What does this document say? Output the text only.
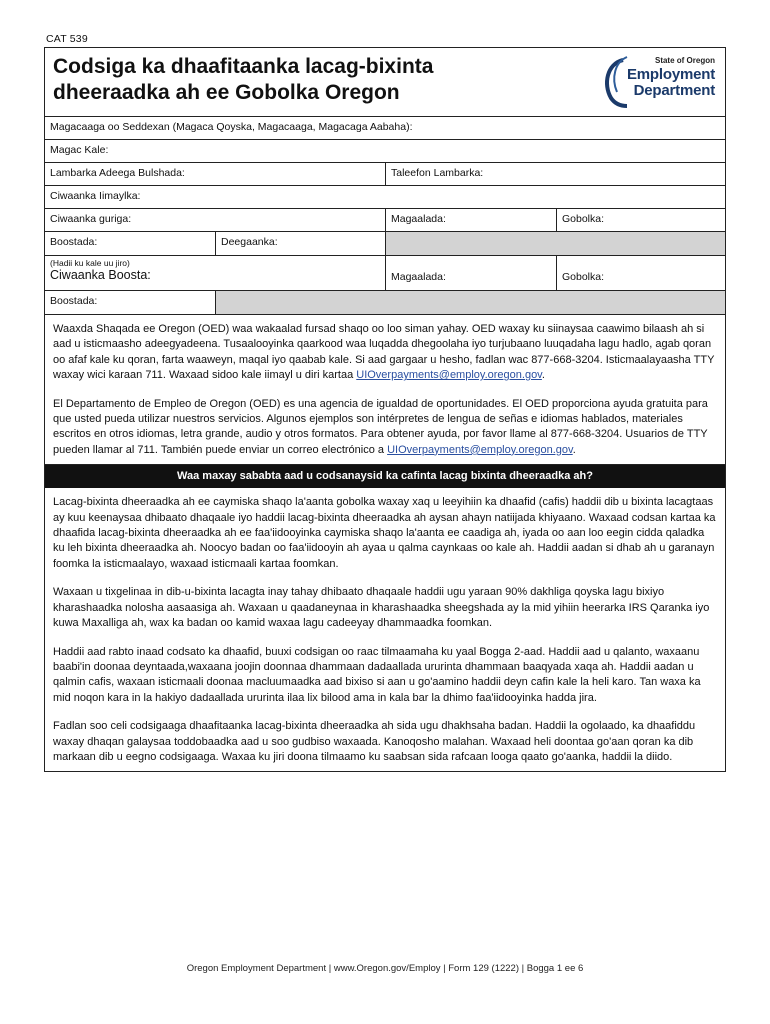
CAT 539
Codsiga ka dhaafitaanka lacag-bixinta
dheeraadka ah ee Gobolka Oregon
State of Oregon
Employment
Department
Magacaaga oo Seddexan (Magaca Qoyska, Magacaaga, Magacaga Aabaha):
Magac Kale:
Lambarka Adeega Bulshada:	Taleefon Lambarka:
Ciwaanka Iimaylka:
Ciwaanka guriga:	Magaalada:	Gobolka:
Boostada:	Deegaanka:
(Hadii ku kale uu jiro)
Ciwaanka Boosta:	Magaalada:	Gobolka:
Boostada:

Waaxda Shaqada ee Oregon (OED) waa wakaalad fursad shaqo oo loo siman yahay. OED waxay ku siinaysaa caawimo bilaash ah si aad u isticmaasho adeegyadeena. Tusaalooyinka qaarkood waa luqadda dhegoolaha iyo turjubaano luuqadaha lagu hadlo, agab qoran oo afaf kale ku qoran, farta waaweyn, maqal iyo qaabab kale. Si aad gargaar u hesho, fadlan wac 877-668-3204. Isticmaalayaasha TTY waxay wici karaan 711. Waxaad sidoo kale iimayl u diri kartaa UIOverpayments@employ.oregon.gov.

El Departamento de Empleo de Oregon (OED) es una agencia de igualdad de oportunidades. El OED proporciona ayuda gratuita para que usted pueda utilizar nuestros servicios. Algunos ejemplos son intérpretes de lengua de señas e idiomas hablados, materiales escritos en otros idiomas, letra grande, audio y otros formatos. Para obtener ayuda, por favor llame al 877-668-3204. Usuarios de TTY pueden llamar al 711. También puede enviar un correo electrónico a UIOverpayments@employ.oregon.gov.

Waa maxay sababta aad u codsanaysid ka cafinta lacag bixinta dheeraadka ah?

Lacag-bixinta dheeraadka ah ee caymiska shaqo la'aanta gobolka waxay xaq u leeyihiin ka dhaafid (cafis) haddii dib u bixinta lacagtaas ay kuu keenaysaa dhibaato dhaqaale iyo haddii lacag-bixinta dheeraadka ah aysan ahayn natiijada khiyaano. Waxaad codsan kartaa ka dhaafida lacag-bixinta dheeraadka ah ee faa'iidooyinka caymiska shaqo la'aanta ee caadiga ah, iyada oo aan loo eegin cidda qaladka ku leh bixinta dheeraadka ah. Noocyo badan oo faa'iidooyin ah ayaa u qalma caynkaas oo kale ah. Haddii aadan si dhab ah u garanayn foomka la isticmaalayo, waxaad isticmaali kartaa foomkan.

Waxaan u tixgelinaa in dib-u-bixinta lacagta inay tahay dhibaato dhaqaale haddii ugu yaraan 90% dakhliga qoyska lagu bixiyo kharashaadka nolosha aasaasiga ah. Waxaan u qaadaneynaa in kharashaadka sheegshada ay la mid yihiin heerarka IRS Qaranka iyo kuwa Maxalliga ah, wax ka badan oo kamid waxaa lagu cadeeyay dhammaadka foomkan.

Haddii aad rabto inaad codsato ka dhaafid, buuxi codsigan oo raac tilmaamaha ku yaal Bogga 2-aad. Haddii aad u qalanto, waxaanu baabi'in doonaa deyntaada,waxaana joojin doonnaa dhammaan dadaallada ururinta dhammaan baaqyada xaqa ah. Haddii aadan u qalmin cafis, waxaan isticmaali doonaa macluumaadka aad bixiso si aan u go'aamino haddii deyn cafin kale la heli karo. Tan waxa ka mid noqon kara in la hakiyo dadaallada ururinta ilaa lix bilood ama in kala bar la dhimo faa'iidooyinka hadda jira.

Fadlan soo celi codsigaaga dhaafitaanka lacag-bixinta dheeraadka ah sida ugu dhakhsaha badan. Haddii la ogolaado, ka dhaafiddu waxay dhaqan galaysaa toddobaadka aad u soo gudbiso waxaada. Kanoqosho malahan. Waxaad heli doontaa go'aan qoran ka dib markaan dib u eegno codsigaaga. Waxaa ku jiri doona tilmaamo ku saabsan sida rafcaan looga qaato go'aanka, haddii la diido.

Oregon Employment Department | www.Oregon.gov/Employ | Form 129 (1222) | Bogga 1 ee 6
